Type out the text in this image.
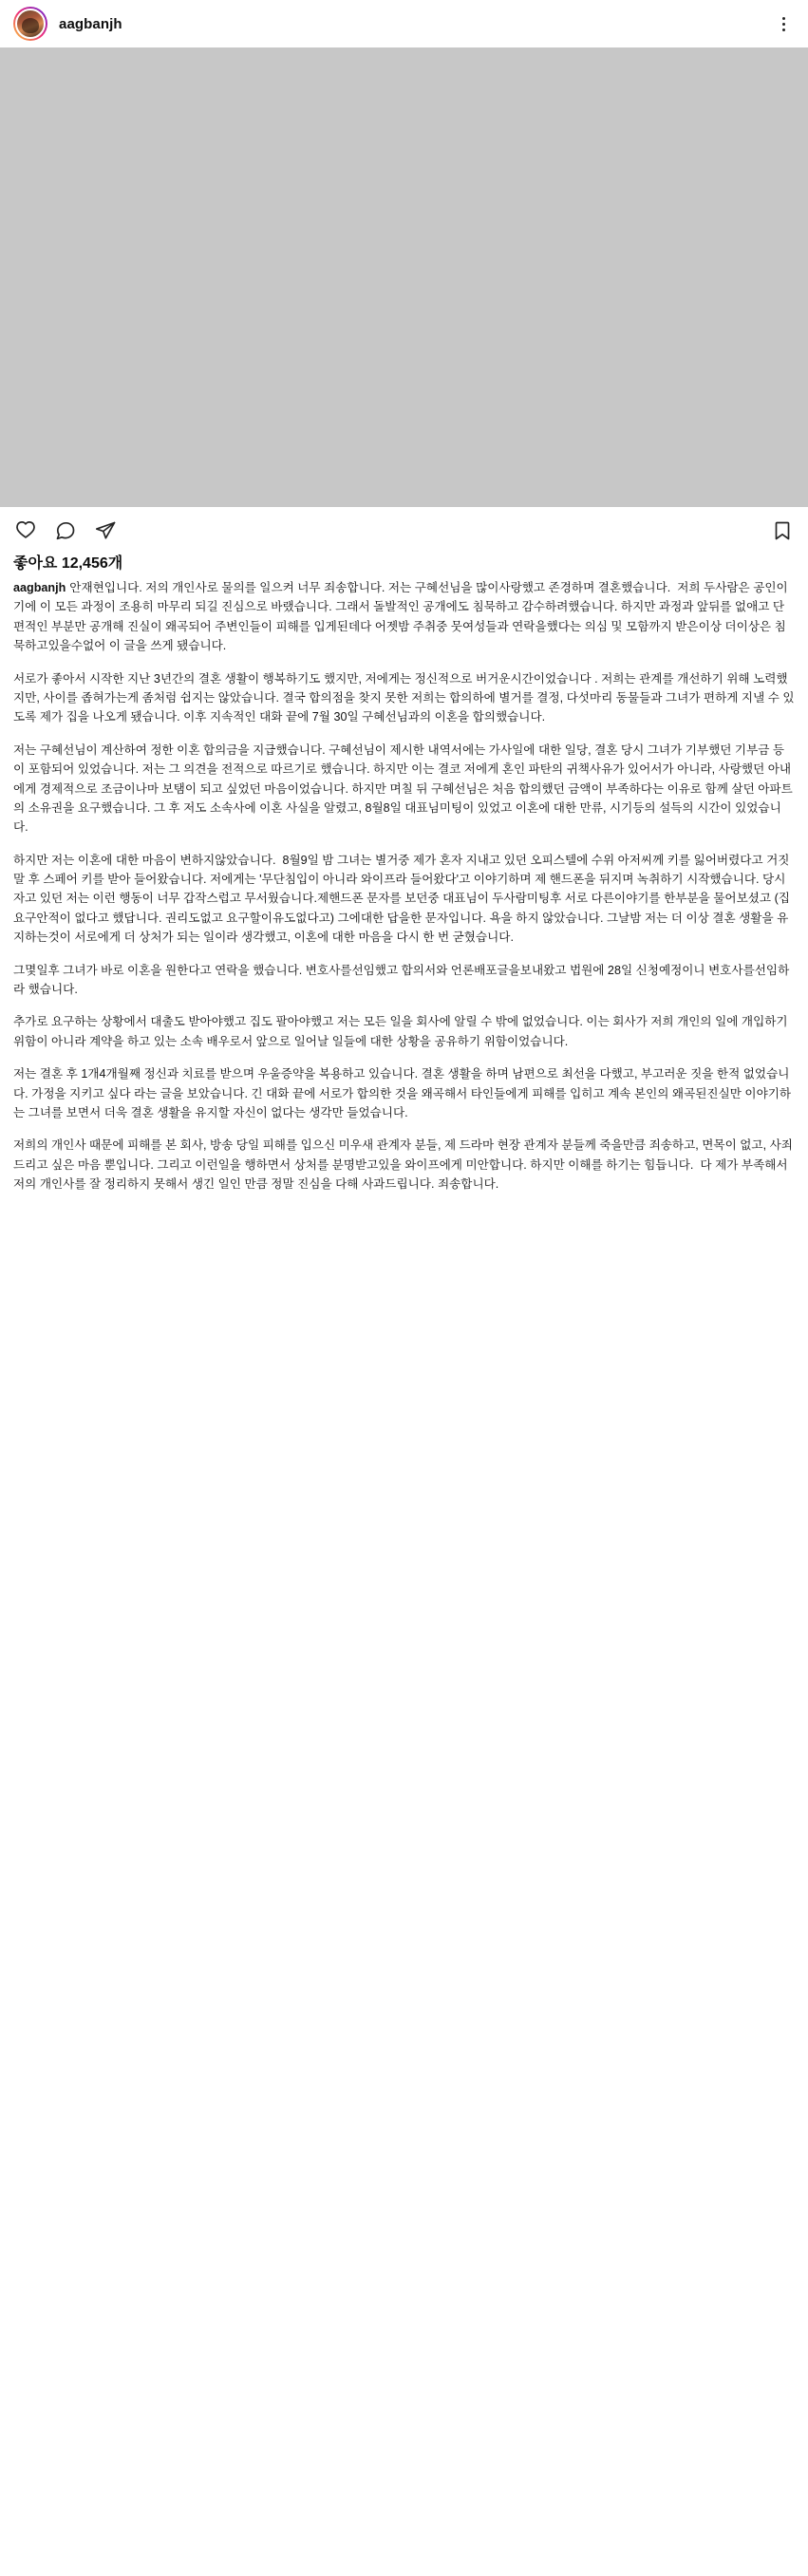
aagbanjh
좋아요 12,456개

aagbanjh 안재현입니다. 저의 개인사로 물의를 일으켜 너무 죄송합니다. 저는 구혜선님을 많이사랑했고 존경하며 결혼했습니다.  저희 두사람은 공인이기에 이 모든 과정이 조용히 마무리 되길 진심으로 바랬습니다. 그래서 돌발적인 공개에도 침묵하고 감수하려했습니다. 하지만 과정과 앞뒤를 없애고 단편적인 부분만 공개해 진실이 왜곡되어 주변인들이 피해를 입게된데다 어젯밤 주취중 뭇여성들과 연락을했다는 의심 및 모함까지 받은이상 더이상은 침묵하고있을수없어 이 글을 쓰게 됐습니다.

서로가 좋아서 시작한 지난 3년간의 결혼 생활이 행복하기도 했지만, 저에게는 정신적으로 버거운시간이었습니다 . 저희는 관계를 개선하기 위해 노력했지만, 사이를 좁혀가는게 좀처럼 쉽지는 않았습니다. 결국 합의점을 찾지 못한 저희는 합의하에 별거를 결정, 다섯마리 동물들과 그녀가 편하게 지낼 수 있도록 제가 집을 나오게 됐습니다. 이후 지속적인 대화 끝에 7월 30일 구혜선님과의 이혼을 합의했습니다.

저는 구혜선님이 계산하여 정한 이혼 합의금을 지급했습니다. 구혜선님이 제시한 내역서에는 가사일에 대한 일당, 결혼 당시 그녀가 기부했던 기부금 등이 포함되어 있었습니다. 저는 그 의견을 전적으로 따르기로 했습니다. 하지만 이는 결코 저에게 혼인 파탄의 귀책사유가 있어서가 아니라, 사랑했던 아내에게 경제적으로 조금이나마 보탬이 되고 싶었던 마음이었습니다. 하지만 며칠 뒤 구혜선님은 처음 합의했던 금액이 부족하다는 이유로 함께 살던 아파트의 소유권을 요구했습니다. 그 후 저도 소속사에 이혼 사실을 알렸고, 8월8일 대표님미팅이 있었고 이혼에 대한 만류, 시기등의 설득의 시간이 있었습니다.

하지만 저는 이혼에 대한 마음이 변하지않았습니다.  8월9일 밤 그녀는 별거중 제가 혼자 지내고 있던 오피스텔에 수위 아저씨께 키를 잃어버렸다고 거짓말 후 스페어 키를 받아 들어왔습니다. 저에게는 '무단침입이 아니라 와이프라 들어왔다'고 이야기하며 제 핸드폰을 뒤지며 녹취하기 시작했습니다. 당시 자고 있던 저는 이런 행동이 너무 갑작스럽고 무서웠습니다.제핸드폰 문자를 보던중 대표님이 두사람미팅후 서로 다른이야기를 한부분을 물어보셨고 (집요구안적이 없다고 했답니다. 권리도없고 요구할이유도없다고) 그에대한 답을한 문자입니다. 욕을 하지 않았습니다. 그날밤 저는 더 이상 결혼 생활을 유지하는것이 서로에게 더 상처가 되는 일이라 생각했고, 이혼에 대한 마음을 다시 한 번 굳혔습니다.

그몇일후 그녀가 바로 이혼을 원한다고 연락을 했습니다. 변호사를선임했고 합의서와 언론배포글을보내왔고 법원에 28일 신청예정이니 변호사를선임하라 했습니다.

추가로 요구하는 상황에서 대출도 받아야했고 집도 팔아야했고 저는 모든 일을 회사에 알릴 수 밖에 없었습니다. 이는 회사가 저희 개인의 일에 개입하기 위함이 아니라 계약을 하고 있는 소속 배우로서 앞으로 일어날 일들에 대한 상황을 공유하기 위함이었습니다.

저는 결혼 후 1개4개월째 정신과 치료를 받으며 우울증약을 복용하고 있습니다. 결혼 생활을 하며 남편으로 최선을 다했고, 부고러운 짓을 한적 없었습니다. 가정을 지키고 싶다 라는 글을 보았습니다. 긴 대화 끝에 서로가 합의한 것을 왜곡해서 타인들에게 피해를 입히고 계속 본인의 왜곡된진실만 이야기하는 그녀를 보면서 더욱 결혼 생활을 유지할 자신이 없다는 생각만 들었습니다.

저희의 개인사 때문에 피해를 본 회사, 방송 당일 피해를 입으신 미우새 관계자 분들, 제 드라마 현장 관계자 분들께 죽을만큼 죄송하고, 면목이 없고, 사죄드리고 싶은 마음 뿐입니다. 그리고 이런일을 행하면서 상처를 분명받고있을 와이프에게 미안합니다. 하지만 이해를 하기는 힘듭니다.  다 제가 부족해서 저의 개인사를 잘 정리하지 못해서 생긴 일인 만큼 정말 진심을 다해 사과드립니다. 죄송합니다.
